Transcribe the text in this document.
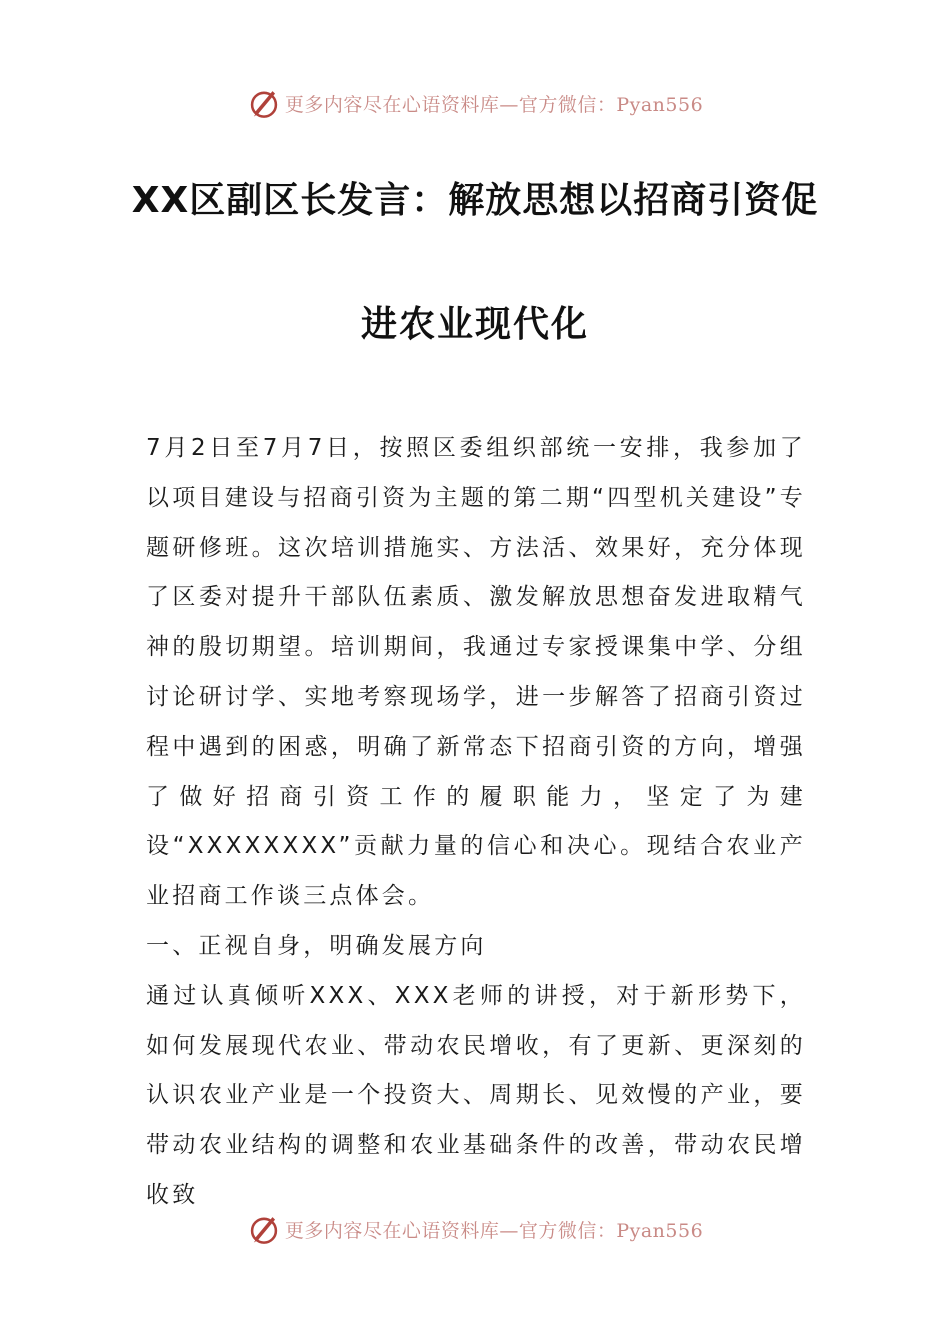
更多内容尽在心语资料库—官方微信：Pyan556
XX区副区长发言：解放思想以招商引资促
进农业现代化

7月2日至7月7日，按照区委组织部统一安排，我参加了以项目建设与招商引资为主题的第二期“四型机关建设”专题研修班。这次培训措施实、方法活、效果好，充分体现了区委对提升干部队伍素质、激发解放思想奋发进取精气神的殷切期望。培训期间，我通过专家授课集中学、分组讨论研讨学、实地考察现场学，进一步解答了招商引资过程中遇到的困惑，明确了新常态下招商引资的方向，增强了做好招商引资工作的履职能力，坚定了为建设“XXXXXXXX”贡献力量的信心和决心。现结合农业产业招商工作谈三点体会。

一、正视自身，明确发展方向

通过认真倾听XXX、XXX老师的讲授，对于新形势下，如何发展现代农业、带动农民增收，有了更新、更深刻的认识农业产业是一个投资大、周期长、见效慢的产业，要带动农业结构的调整和农业基础条件的改善，带动农民增收致

更多内容尽在心语资料库—官方微信：Pyan556
